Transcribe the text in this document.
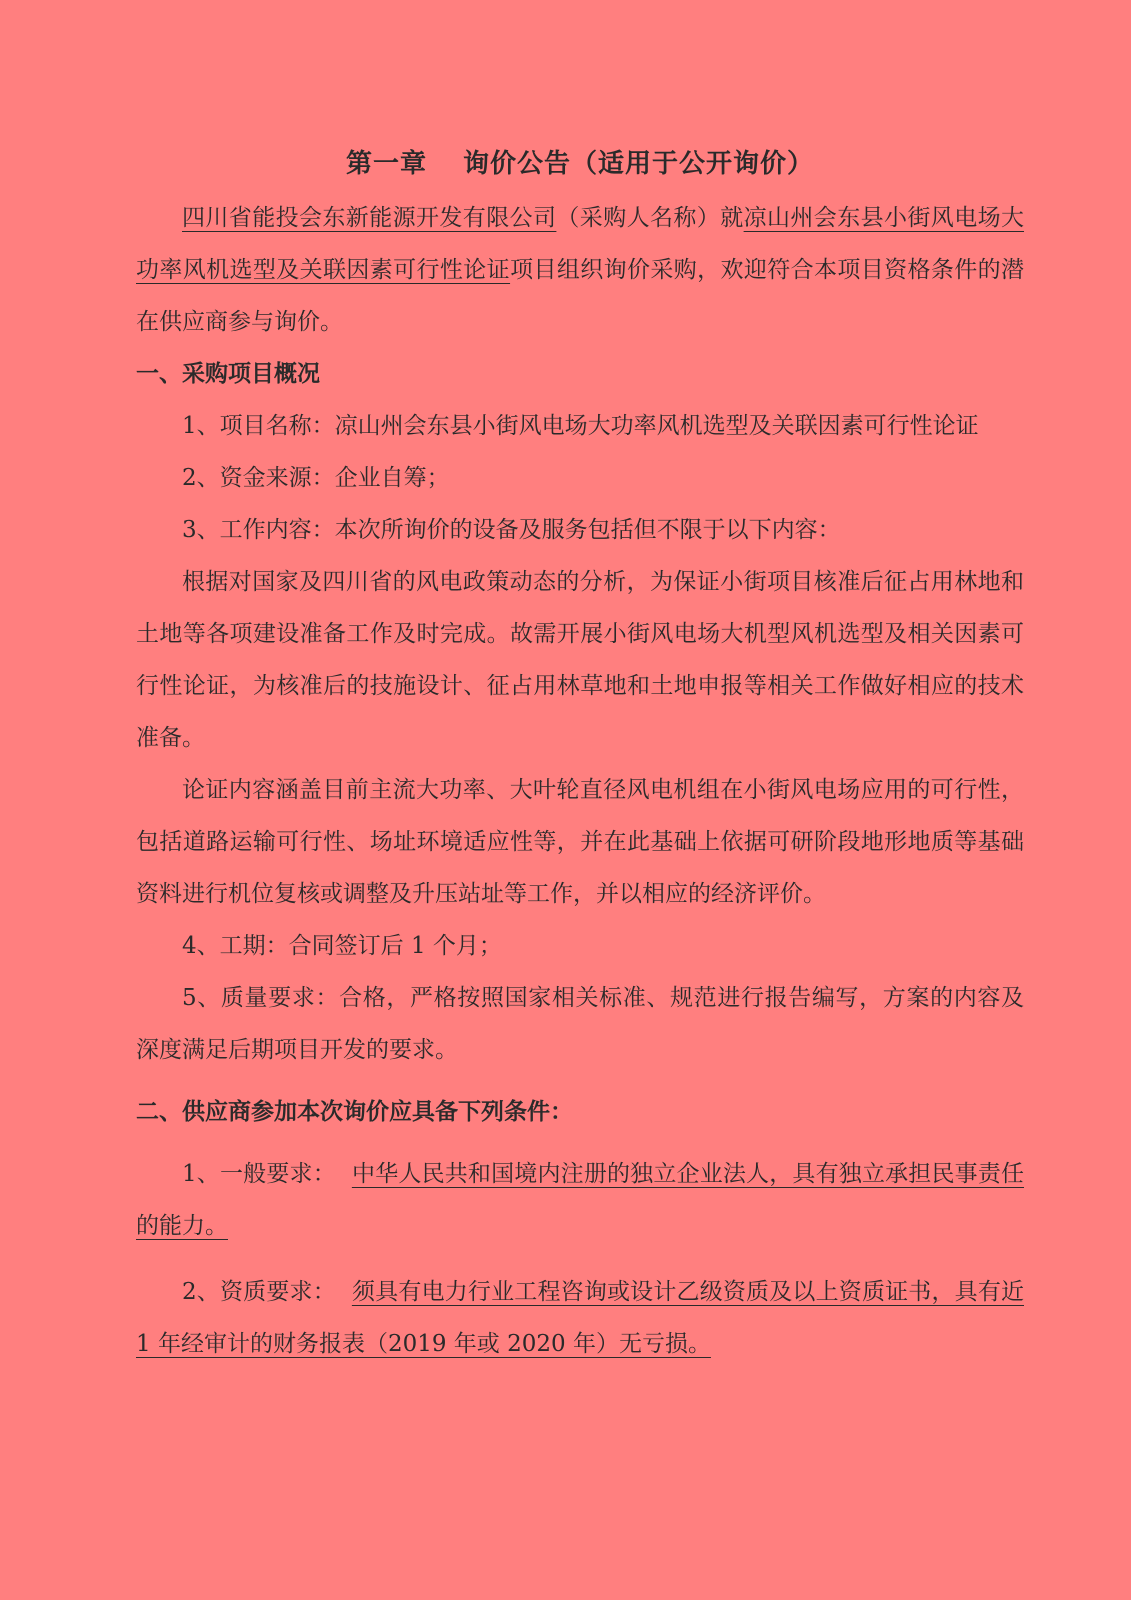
第一章 询价公告（适用于公开询价）

四川省能投会东新能源开发有限公司（采购人名称）就凉山州会东县小街风电场大功率风机选型及关联因素可行性论证项目组织询价采购，欢迎符合本项目资格条件的潜在供应商参与询价。

一、采购项目概况

1、项目名称：凉山州会东县小街风电场大功率风机选型及关联因素可行性论证

2、资金来源：企业自筹；

3、工作内容：本次所询价的设备及服务包括但不限于以下内容：

根据对国家及四川省的风电政策动态的分析，为保证小街项目核准后征占用林地和土地等各项建设准备工作及时完成。故需开展小街风电场大机型风机选型及相关因素可行性论证，为核准后的技施设计、征占用林草地和土地申报等相关工作做好相应的技术准备。

论证内容涵盖目前主流大功率、大叶轮直径风电机组在小街风电场应用的可行性，包括道路运输可行性、场址环境适应性等，并在此基础上依据可研阶段地形地质等基础资料进行机位复核或调整及升压站址等工作，并以相应的经济评价。

4、工期：合同签订后 1 个月；

5、质量要求：合格，严格按照国家相关标准、规范进行报告编写，方案的内容及深度满足后期项目开发的要求。

二、供应商参加本次询价应具备下列条件：

1、一般要求： 中华人民共和国境内注册的独立企业法人，具有独立承担民事责任的能力。

2、资质要求： 须具有电力行业工程咨询或设计乙级资质及以上资质证书，具有近 1 年经审计的财务报表（2019 年或 2020 年）无亏损。
